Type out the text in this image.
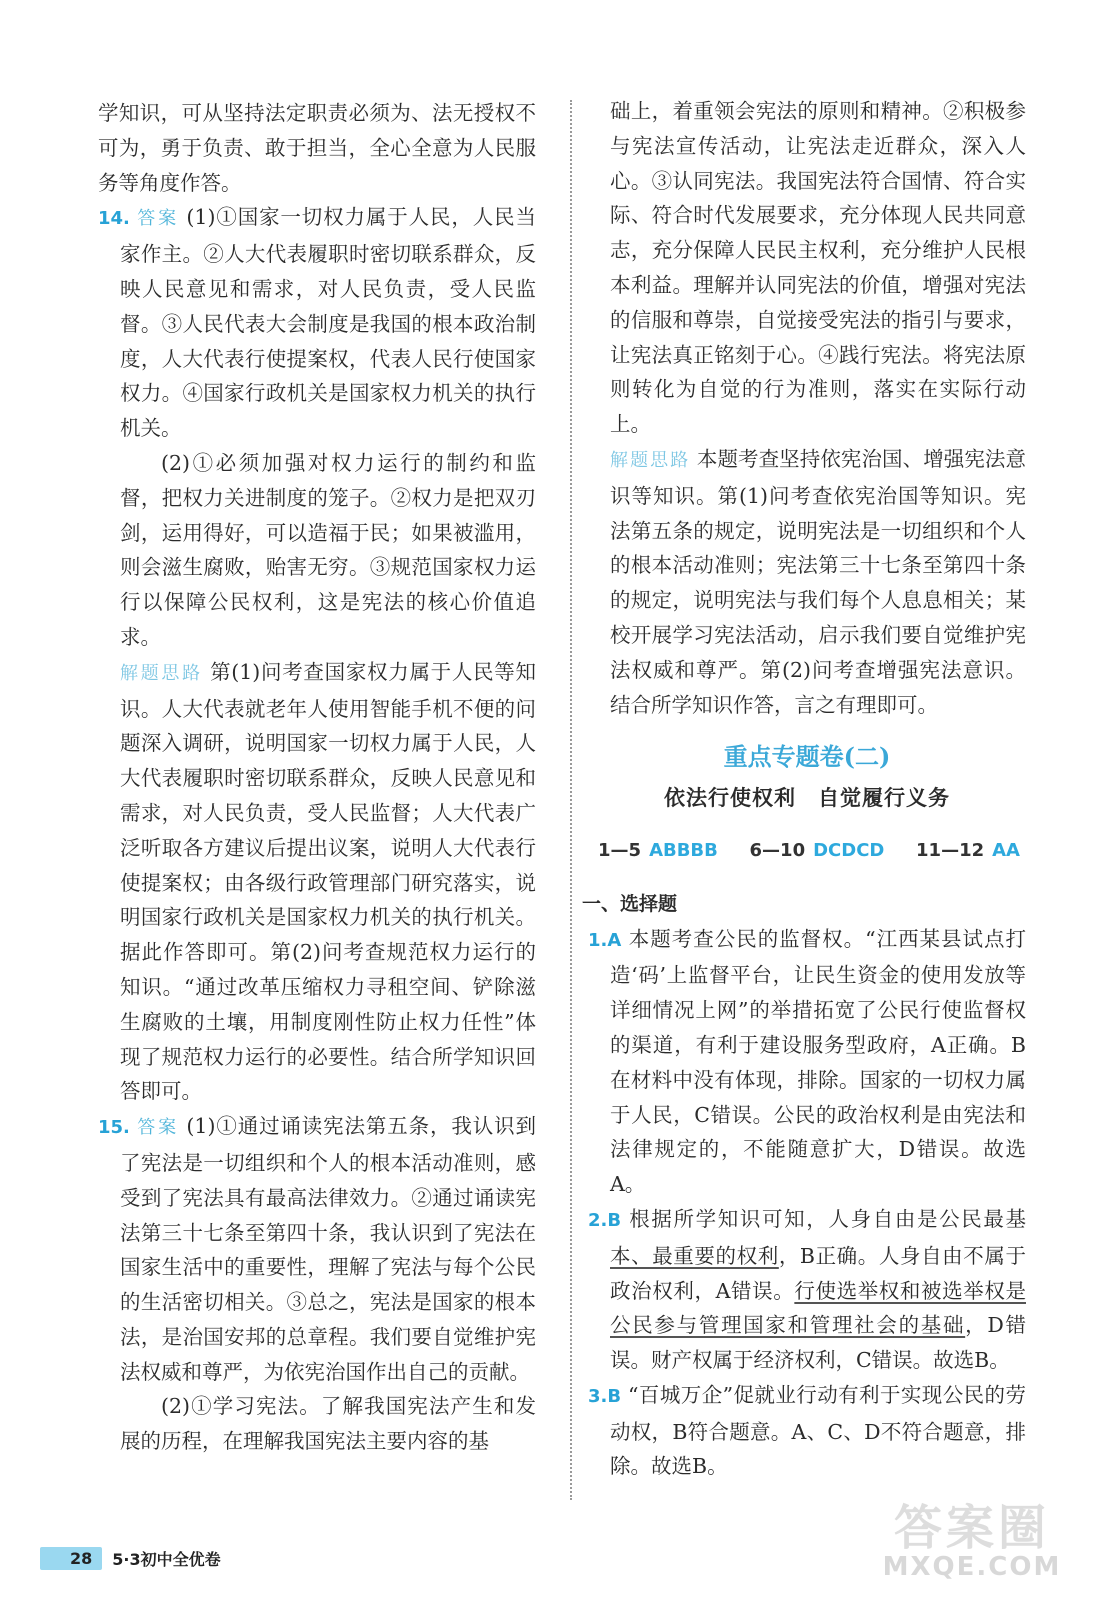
学知识，可从坚持法定职责必须为、法无授权不可为，勇于负责、敢于担当，全心全意为人民服务等角度作答。

14. 答案 (1)①国家一切权力属于人民，人民当家作主。②人大代表履职时密切联系群众，反映人民意见和需求，对人民负责，受人民监督。③人民代表大会制度是我国的根本政治制度，人大代表行使提案权，代表人民行使国家权力。④国家行政机关是国家权力机关的执行机关。

(2)①必须加强对权力运行的制约和监督，把权力关进制度的笼子。②权力是把双刃剑，运用得好，可以造福于民；如果被滥用，则会滋生腐败，贻害无穷。③规范国家权力运行以保障公民权利，这是宪法的核心价值追求。

解题思路 第(1)问考查国家权力属于人民等知识。人大代表就老年人使用智能手机不便的问题深入调研，说明国家一切权力属于人民，人大代表履职时密切联系群众，反映人民意见和需求，对人民负责，受人民监督；人大代表广泛听取各方建议后提出议案，说明人大代表行使提案权；由各级行政管理部门研究落实，说明国家行政机关是国家权力机关的执行机关。据此作答即可。第(2)问考查规范权力运行的知识。“通过改革压缩权力寻租空间、铲除滋生腐败的土壤，用制度刚性防止权力任性”体现了规范权力运行的必要性。结合所学知识回答即可。

15. 答案 (1)①通过诵读宪法第五条，我认识到了宪法是一切组织和个人的根本活动准则，感受到了宪法具有最高法律效力。②通过诵读宪法第三十七条至第四十条，我认识到了宪法在国家生活中的重要性，理解了宪法与每个公民的生活密切相关。③总之，宪法是国家的根本法，是治国安邦的总章程。我们要自觉维护宪法权威和尊严，为依宪治国作出自己的贡献。

(2)①学习宪法。了解我国宪法产生和发展的历程，在理解我国宪法主要内容的基

础上，着重领会宪法的原则和精神。②积极参与宪法宣传活动，让宪法走近群众，深入人心。③认同宪法。我国宪法符合国情、符合实际、符合时代发展要求，充分体现人民共同意志，充分保障人民民主权利，充分维护人民根本利益。理解并认同宪法的价值，增强对宪法的信服和尊崇，自觉接受宪法的指引与要求，让宪法真正铭刻于心。④践行宪法。将宪法原则转化为自觉的行为准则，落实在实际行动上。

解题思路 本题考查坚持依宪治国、增强宪法意识等知识。第(1)问考查依宪治国等知识。宪法第五条的规定，说明宪法是一切组织和个人的根本活动准则；宪法第三十七条至第四十条的规定，说明宪法与我们每个人息息相关；某校开展学习宪法活动，启示我们要自觉维护宪法权威和尊严。第(2)问考查增强宪法意识。结合所学知识作答，言之有理即可。

重点专题卷(二)
依法行使权利　自觉履行义务
1—5 ABBBB 6—10 DCDCD 11—12 AA
一、选择题

1.A 本题考查公民的监督权。“江西某县试点打造‘码’上监督平台，让民生资金的使用发放等详细情况上网”的举措拓宽了公民行使监督权的渠道，有利于建设服务型政府，A正确。B在材料中没有体现，排除。国家的一切权力属于人民，C错误。公民的政治权利是由宪法和法律规定的，不能随意扩大，D错误。故选A。

2.B 根据所学知识可知，人身自由是公民最基本、最重要的权利，B正确。人身自由不属于政治权利，A错误。行使选举权和被选举权是公民参与管理国家和管理社会的基础，D错误。财产权属于经济权利，C错误。故选B。

3.B “百城万企”促就业行动有利于实现公民的劳动权，B符合题意。A、C、D不符合题意，排除。故选B。

28	5·3初中全优卷
答案圈
MXQE.COM
